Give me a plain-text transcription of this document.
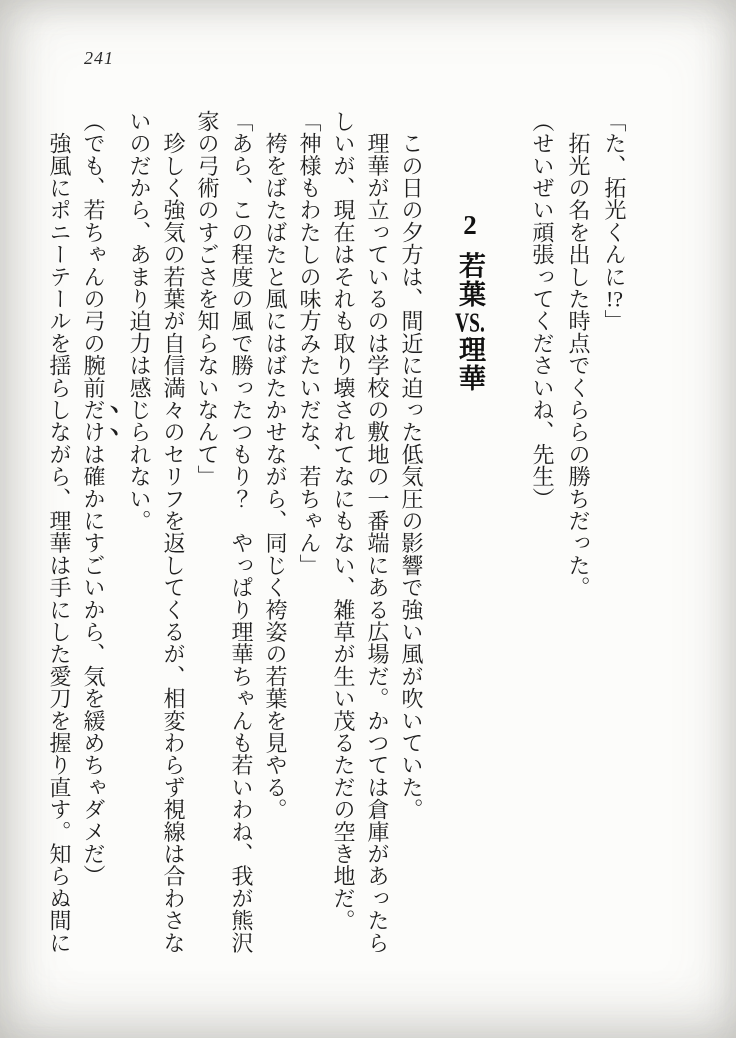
241

「た、拓光くんに!?」

　拓光の名を出した時点でくららの勝ちだった。

（せいぜい頑張ってくださいね、先生）

2若葉VS.理華

　この日の夕方は、間近に迫った低気圧の影響で強い風が吹いていた。

　理華が立っているのは学校の敷地の一番端にある広場だ。かつては倉庫があったらしいが、現在はそれも取り壊されてなにもない、雑草が生い茂るただの空き地だ。

「神様もわたしの味方みたいだな、若ちゃん」

　袴をばたばたと風にはばたかせながら、同じく袴姿の若葉を見やる。

「あら、この程度の風で勝ったつもり？　やっぱり理華ちゃんも若いわね、我が熊沢家の弓術のすごさを知らないなんて」

　珍しく強気の若葉が自信満々のセリフを返してくるが、相変わらず視線は合わさないのだから、あまり迫力は感じられない。

（でも、若ちゃんの弓の腕前だけは確かにすごいから、気を緩めちゃダメだ）

　強風にポニーテールを揺らしながら、理華は手にした愛刀を握り直す。知らぬ間に
